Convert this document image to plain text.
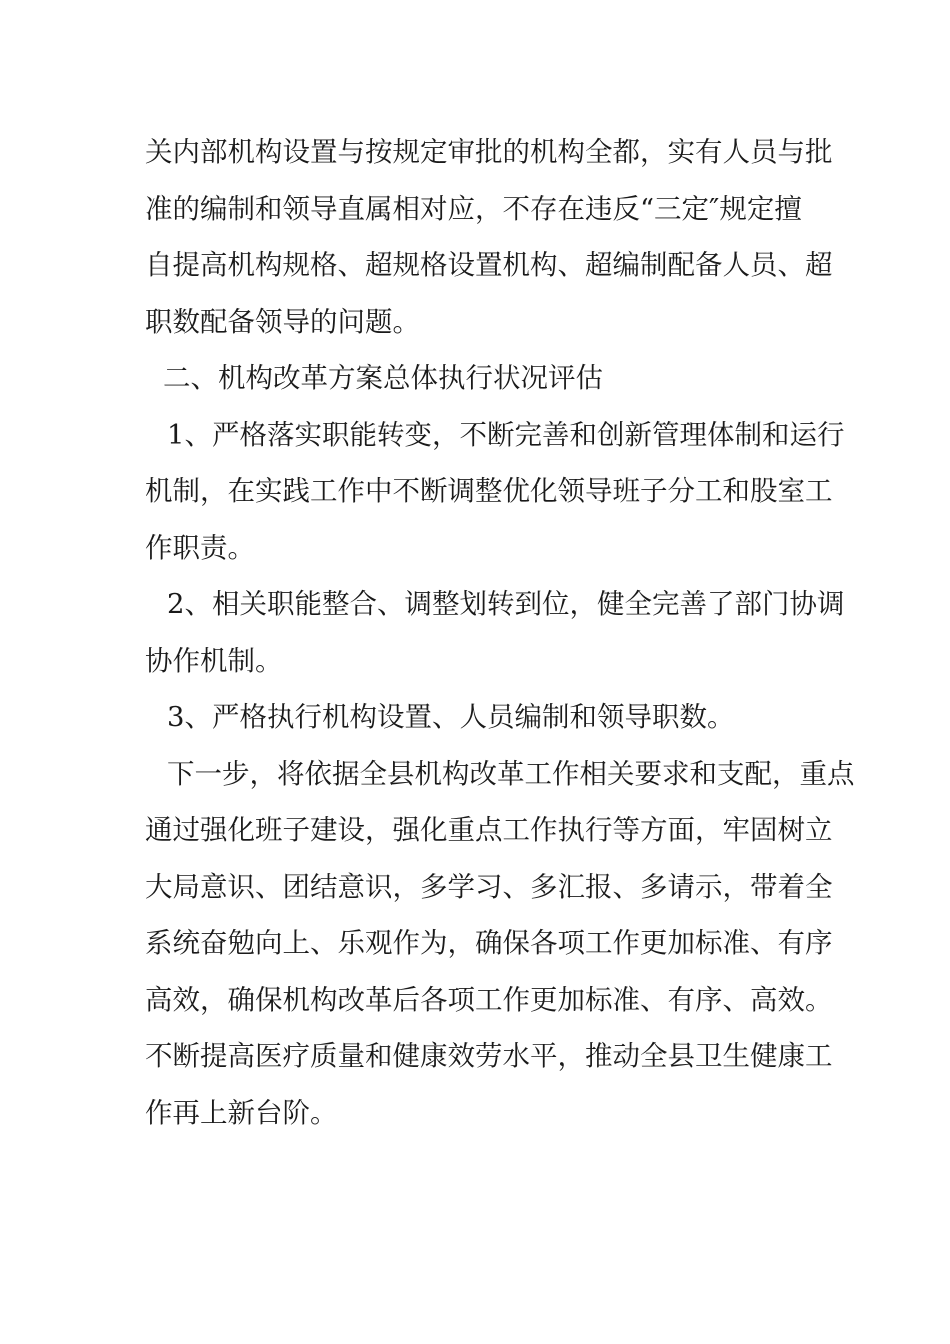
关内部机构设置与按规定审批的机构全都，实有人员与批
准的编制和领导直属相对应，不存在违反“三定″规定擅
自提高机构规格、超规格设置机构、超编制配备人员、超
职数配备领导的问题。
二、机构改革方案总体执行状况评估
1、严格落实职能转变，不断完善和创新管理体制和运行
机制，在实践工作中不断调整优化领导班子分工和股室工
作职责。
2、相关职能整合、调整划转到位，健全完善了部门协调
协作机制。
3、严格执行机构设置、人员编制和领导职数。
下一步，将依据全县机构改革工作相关要求和支配，重点
通过强化班子建设，强化重点工作执行等方面，牢固树立
大局意识、团结意识，多学习、多汇报、多请示，带着全
系统奋勉向上、乐观作为，确保各项工作更加标准、有序
高效，确保机构改革后各项工作更加标准、有序、高效。
不断提高医疗质量和健康效劳水平，推动全县卫生健康工
作再上新台阶。
